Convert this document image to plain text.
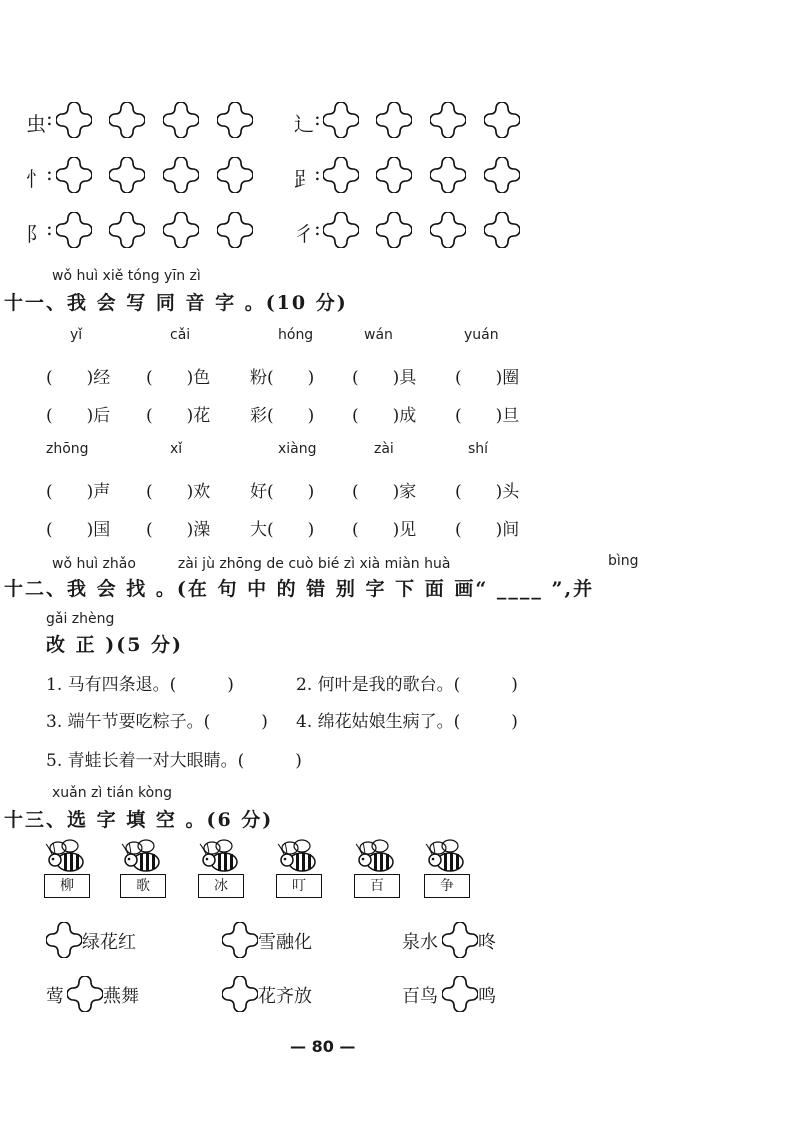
虫 :	辶 :
忄 :	𧾷 :
阝 :	彳 :
wǒ huì xiě tóng yīn zì
十一、我 会 写 同 音 字 。(10 分)
yǐ	cǎi	hóng	wán	yuán
(　　)经 (　　)色 粉(　　) (　　)具 (　　)圈
(　　)后 (　　)花 彩(　　) (　　)成 (　　)旦
zhōng	xǐ	xiàng	zài	shí
(　　)声 (　　)欢 好(　　) (　　)家 (　　)头
(　　)国 (　　)澡 大(　　) (　　)见 (　　)间
wǒ huì zhǎo　　　zài jù zhōng de cuò bié zì xià miàn huà	bìng
十二、我 会 找 。(在 句 中 的 错 别 字 下 面 画“ ____ ”,并
gǎi zhèng
改 正 )(5 分)
1. 马有四条退。(　　　)	2. 何叶是我的歌台。(　　　)
3. 端午节要吃粽子。(　　　) 4. 绵花姑娘生病了。(　　　)
5. 青蛙长着一对大眼睛。(　　　)
xuǎn zì tián kòng
十三、选 字 填 空 。(6 分)
柳	歌	冰	叮	百	争
绿花红	雪融化	泉水 咚
莺 燕舞	花齐放	百鸟 鸣
— 80 —
